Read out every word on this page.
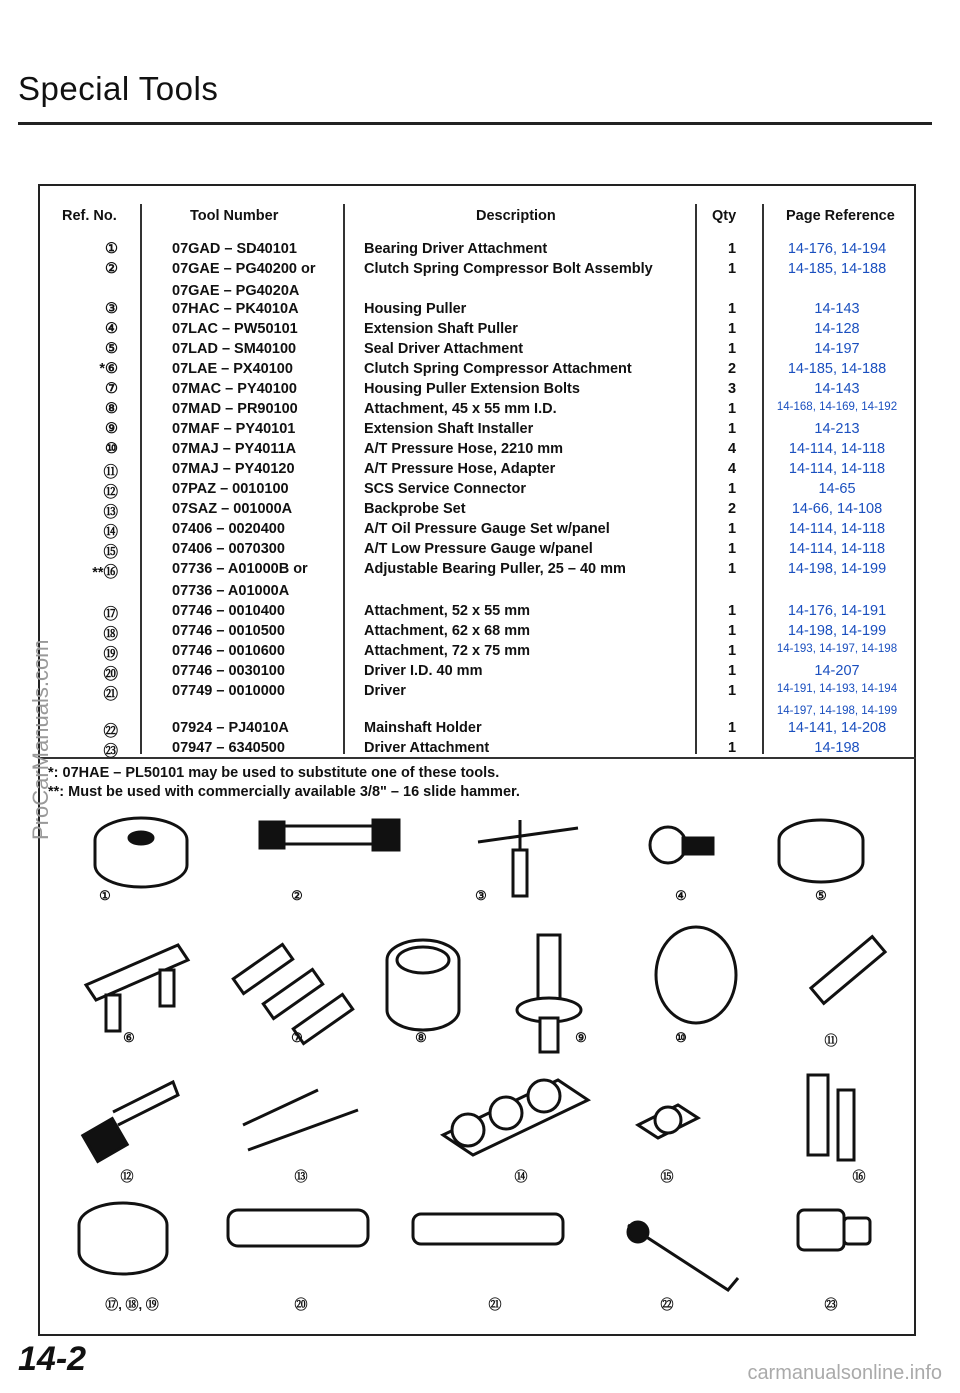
Special Tools
Ref. No.	Tool Number	Description	Qty	Page Reference
①	07GAD – SD40101	Bearing Driver Attachment	1	14-176, 14-194
②	07GAE – PG40200 or	Clutch Spring Compressor Bolt Assembly	1	14-185, 14-188
07GAE – PG4020A
③	07HAC – PK4010A	Housing Puller	1	14-143
④	07LAC – PW50101	Extension Shaft Puller	1	14-128
⑤	07LAD – SM40100	Seal Driver Attachment	1	14-197
*⑥	07LAE – PX40100	Clutch Spring Compressor Attachment	2	14-185, 14-188
⑦	07MAC – PY40100	Housing Puller Extension Bolts	3	14-143
⑧	07MAD – PR90100	Attachment, 45 x 55 mm I.D.	1	14-168, 14-169, 14-192
⑨	07MAF – PY40101	Extension Shaft Installer	1	14-213
⑩	07MAJ – PY4011A	A/T Pressure Hose, 2210 mm	4	14-114, 14-118
⑪	07MAJ – PY40120	A/T Pressure Hose, Adapter	4	14-114, 14-118
⑫	07PAZ – 0010100	SCS Service Connector	1	14-65
⑬	07SAZ – 001000A	Backprobe Set	2	14-66, 14-108
⑭	07406 – 0020400	A/T Oil Pressure Gauge Set w/panel	1	14-114, 14-118
⑮	07406 – 0070300	A/T Low Pressure Gauge w/panel	1	14-114, 14-118
**⑯	07736 – A01000B or	Adjustable Bearing Puller, 25 – 40 mm	1	14-198, 14-199
07736 – A01000A
⑰	07746 – 0010400	Attachment, 52 x 55 mm	1	14-176, 14-191
⑱	07746 – 0010500	Attachment, 62 x 68 mm	1	14-198, 14-199
⑲	07746 – 0010600	Attachment, 72 x 75 mm	1	14-193, 14-197, 14-198
⑳	07746 – 0030100	Driver I.D. 40 mm	1	14-207
㉑	07749 – 0010000	Driver	1	14-191, 14-193, 14-194
14-197, 14-198, 14-199
㉒	07924 – PJ4010A	Mainshaft Holder	1	14-141, 14-208
㉓	07947 – 6340500	Driver Attachment	1	14-198
*: 07HAE – PL50101 may be used to substitute one of these tools.
**: Must be used with commercially available 3/8" – 16 slide hammer.
①	②	③	④	⑤
⑥	⑦	⑧	⑨	⑩	⑪
⑫	⑬	⑭	⑮	⑯
⑰, ⑱, ⑲	⑳	㉑	㉒	㉓
14-2
ProCarManuals.com
carmanualsonline.info
